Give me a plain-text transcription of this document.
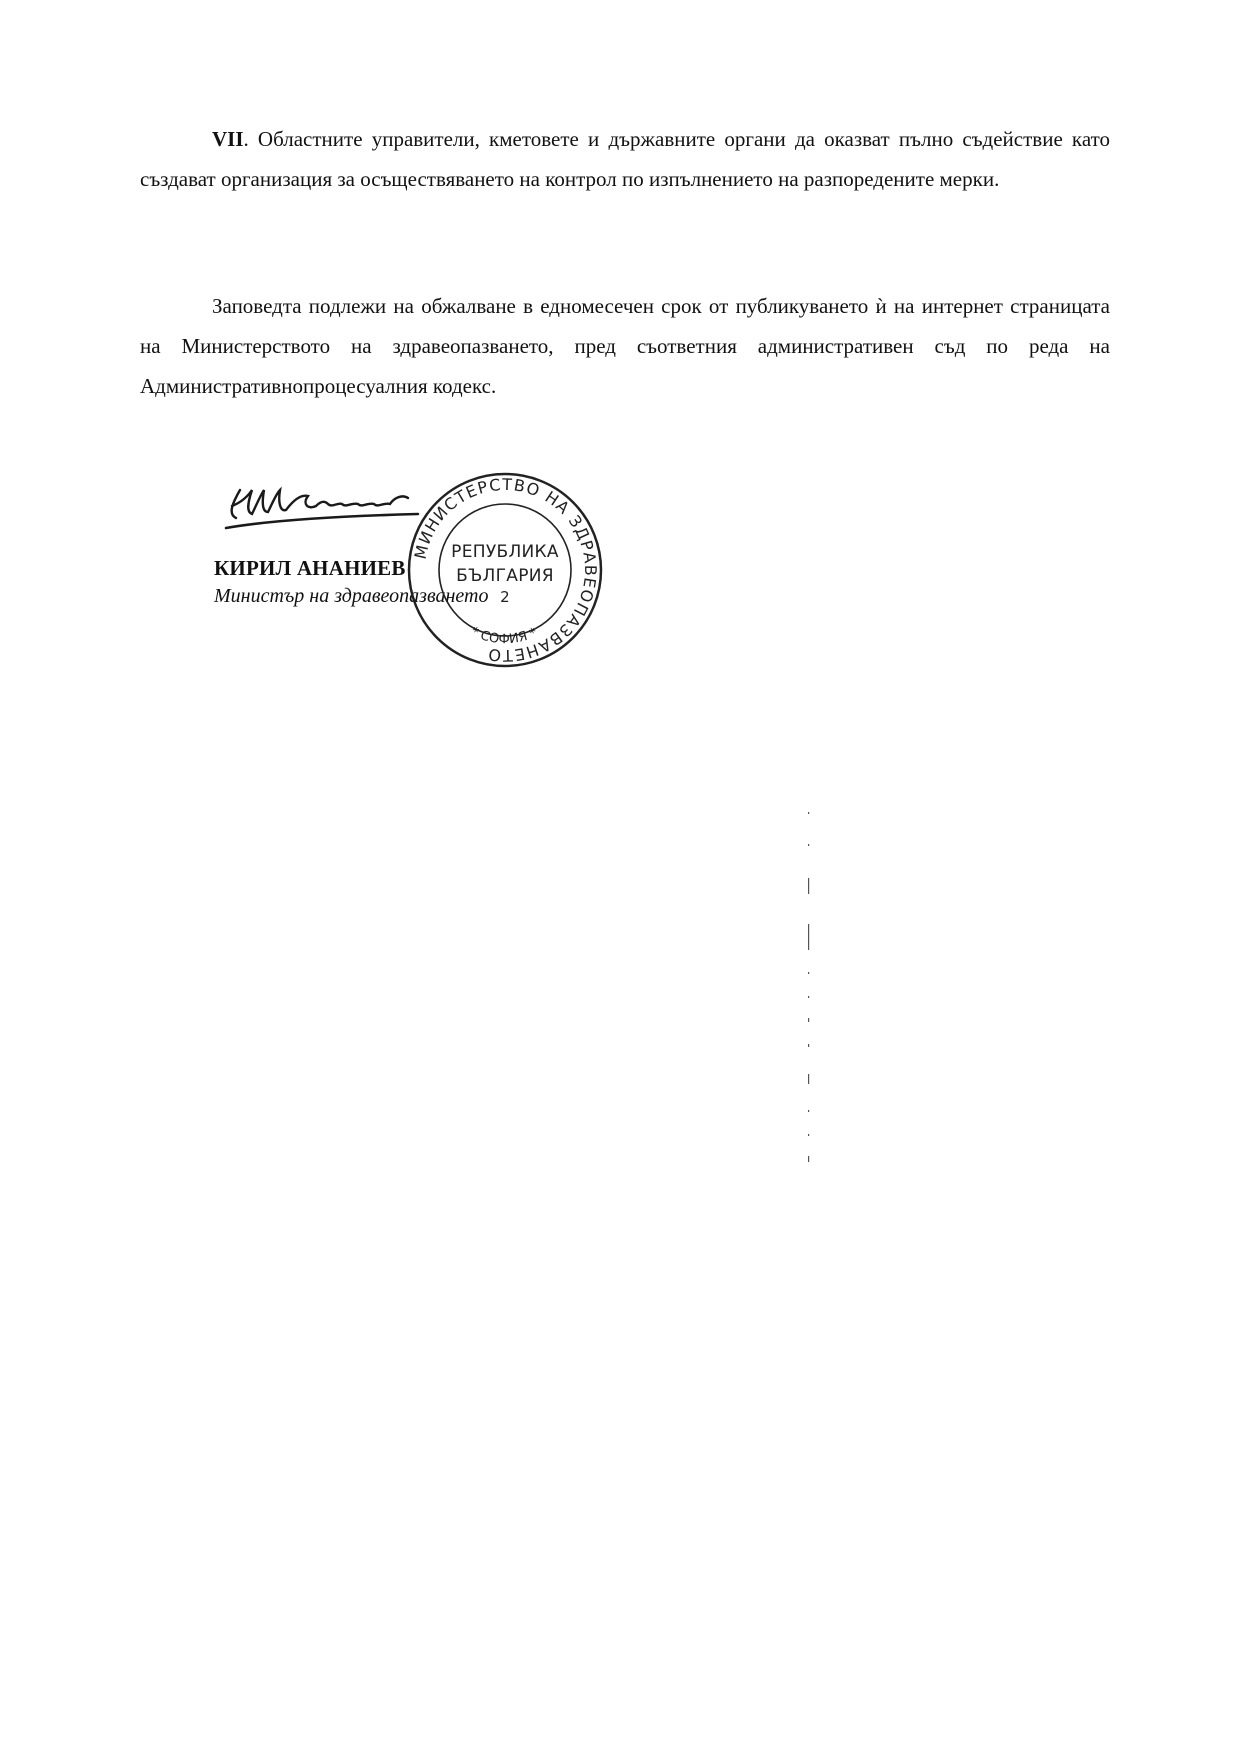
VII. Областните управители, кметовете и държавните органи да оказват пълно съдействие като създават организация за осъществяването на контрол по изпълнението на разпоредените мерки.
Заповедта подлежи на обжалване в едномесечен срок от публикуването ѝ на интернет страницата на Министерството на здравеопазването, пред съответния административен съд по реда на Административнопроцесуалния кодекс.
КИРИЛ АНАНИЕВ
Министър на здравеопазването
МИНИСТЕРСТВО НА ЗДРАВЕОПАЗВАНЕТО
* СОФИЯ *
РЕПУБЛИКА
БЪЛГАРИЯ
2
